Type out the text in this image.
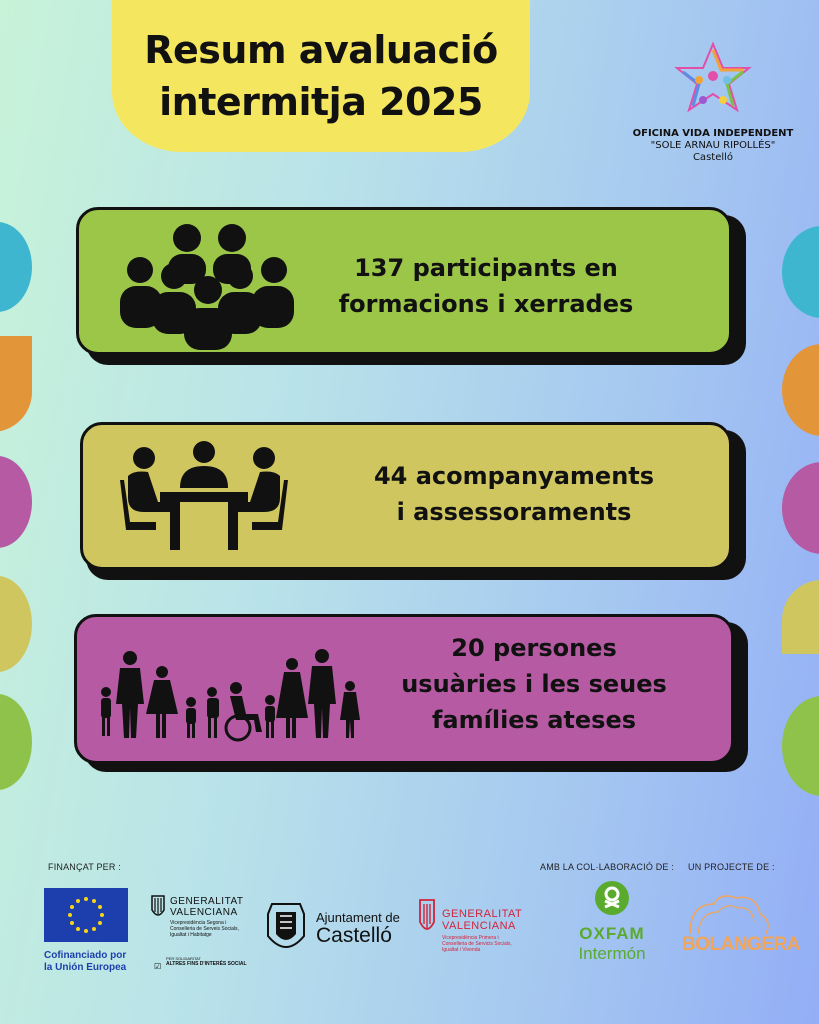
Resum avaluació
intermitja 2025
OFICINA VIDA INDEPENDENT
"SOLE ARNAU RIPOLLÉS"
Castelló
137 participants en
formacions i xerrades
44 acompanyaments
i assessoraments
20 persones
usuàries i les seues
famílies ateses
FINANÇAT PER :	AMB LA COL·LABORACIÓ DE : UN PROJECTE DE :
Cofinanciado por
la Unión Europea
GENERALITAT
VALENCIANA
Vicepresidència Segona i
Conselleria de Serveis Socials,
Igualtat i Habitatge
☑
PER SOLIDARITAT
ALTRES FINS D'INTERÈS SOCIAL
Ajuntament de
Castelló
GENERALITAT
VALENCIANA
Vicepresidència Primera i
Conselleria de Servicis Socials,
Igualtat i Vivenda
OXFAM
Intermón	BOLANGERA
